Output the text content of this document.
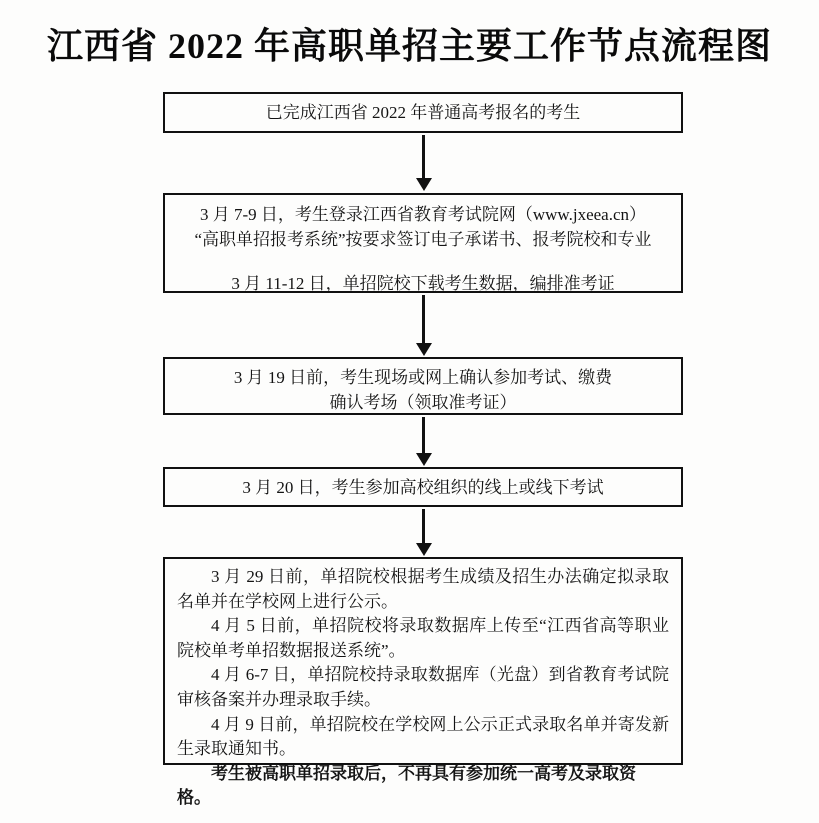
江西省 2022 年高职单招主要工作节点流程图
已完成江西省 2022 年普通高考报名的考生
3 月 7-9 日，考生登录江西省教育考试院网（www.jxeea.cn）
“高职单招报考系统”按要求签订电子承诺书、报考院校和专业
3 月 11-12 日，单招院校下载考生数据，编排准考证
3 月 19 日前，考生现场或网上确认参加考试、缴费
确认考场（领取准考证）
3 月 20 日，考生参加高校组织的线上或线下考试

3 月 29 日前，单招院校根据考生成绩及招生办法确定拟录取名单并在学校网上进行公示。

4 月 5 日前，单招院校将录取数据库上传至“江西省高等职业院校单考单招数据报送系统”。

4 月 6-7 日，单招院校持录取数据库（光盘）到省教育考试院审核备案并办理录取手续。

4 月 9 日前，单招院校在学校网上公示正式录取名单并寄发新生录取通知书。

考生被高职单招录取后，不再具有参加统一高考及录取资格。
